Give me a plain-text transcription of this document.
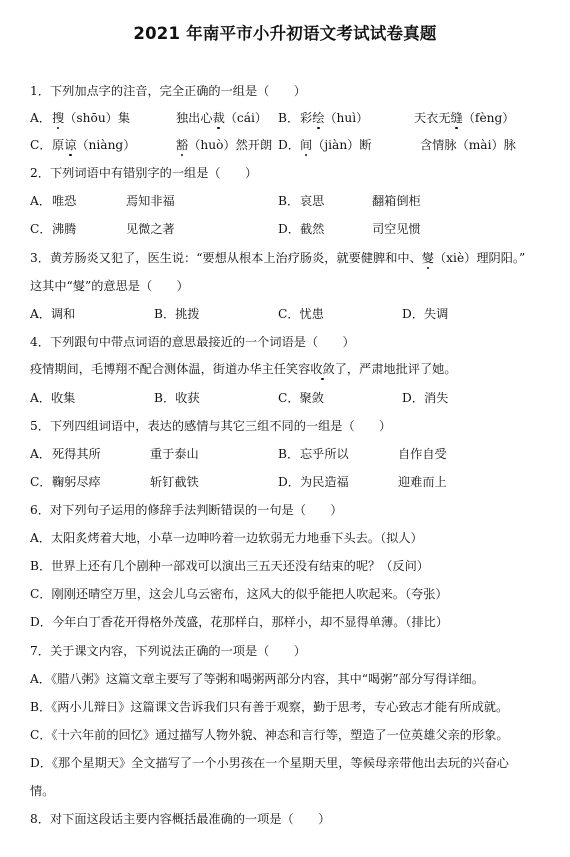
2021 年南平市小升初语文考试试卷真题
1．下列加点字的注音，完全正确的一组是（　　）
A． 搜（shōu）集	独出心裁（cái） B． 彩绘（huì）	天衣无缝（fèng）
C． 原谅（niàng）	豁（huò）然开朗 D． 间（jiàn）断	含情脉（mài）脉
2．下列词语中有错别字的一组是（　　）
A． 唯恐	焉知非福	B． 哀思	翻箱倒柜
C． 沸腾	见微之著	D． 截然	司空见惯
3．黄芳肠炎又犯了，医生说：“要想从根本上治疗肠炎，就要健脾和中、燮（xiè）理阴阳。”
这其中“燮”的意思是（　　）
A．调和	B．挑拨	C．忧患	D．失调
4．下列跟句中带点词语的意思最接近的一个词语是（　　）
疫情期间，毛博翔不配合测体温，街道办华主任笑容收敛了，严肃地批评了她。
A．收集	B．收获	C．聚敛	D．消失
5．下列四组词语中，表达的感情与其它三组不同的一组是（　　）
A． 死得其所	重于泰山	B． 忘乎所以	自作自受
C． 鞠躬尽瘁	斩钉截铁	D． 为民造福	迎难而上
6．对下列句子运用的修辞手法判断错误的一句是（　　）
A．太阳炙烤着大地，小草一边呻吟着一边软弱无力地垂下头去。（拟人）
B．世界上还有几个剧种一部戏可以演出三五天还没有结束的呢？（反问）
C．刚刚还晴空万里，这会儿乌云密布，这风大的似乎能把人吹起来。（夸张）
D．今年白丁香花开得格外茂盛，花那样白，那样小，却不显得单薄。（排比）
7．关于课文内容，下列说法正确的一项是（　　）
A．《腊八粥》这篇文章主要写了等粥和喝粥两部分内容，其中“喝粥”部分写得详细。
B．《两小儿辩日》这篇课文告诉我们只有善于观察，勤于思考，专心致志才能有所成就。
C．《十六年前的回忆》通过描写人物外貌、神态和言行等，塑造了一位英雄父亲的形象。
D．《那个星期天》全文描写了一个小男孩在一个星期天里，等候母亲带他出去玩的兴奋心
情。
8．对下面这段话主要内容概括最准确的一项是（　　）
